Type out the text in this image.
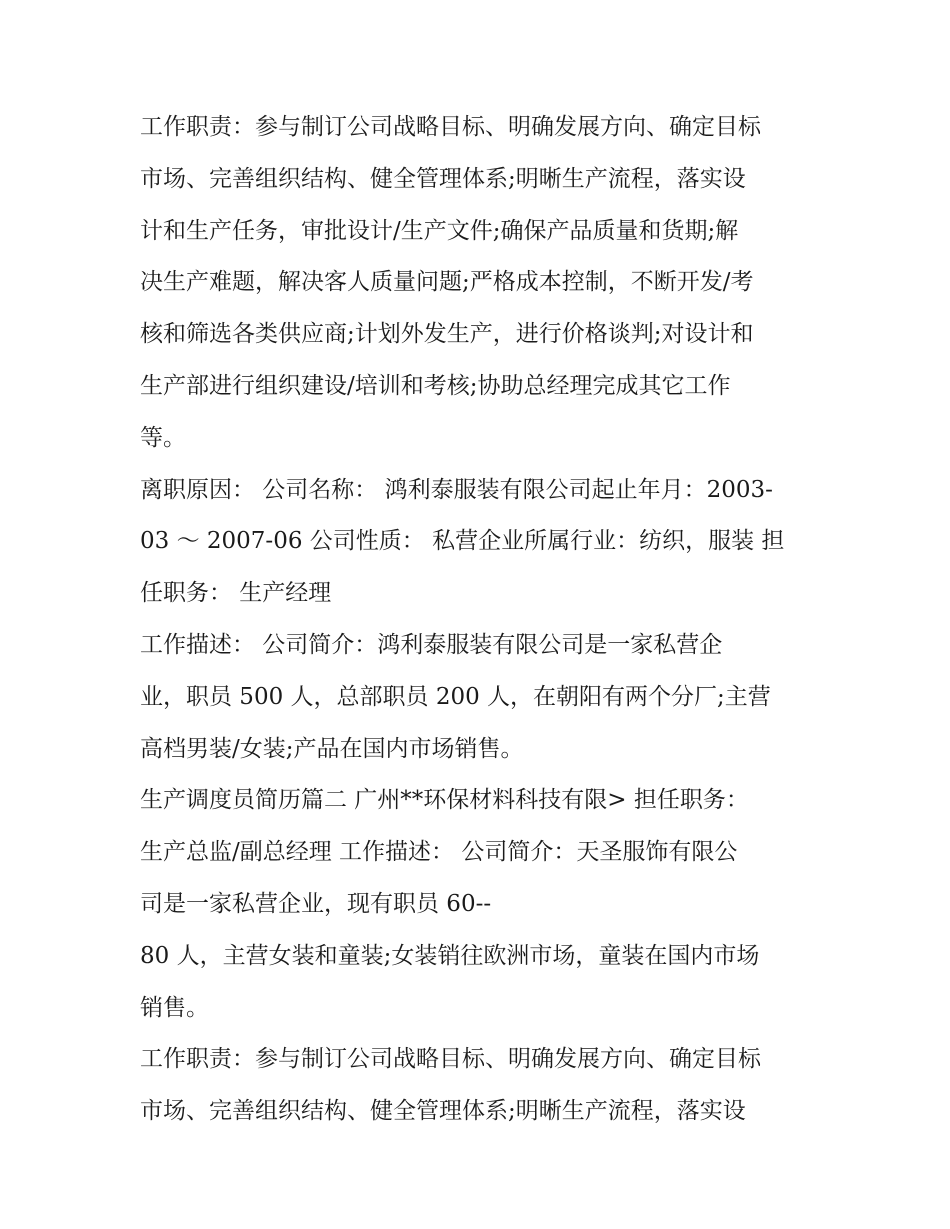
工作职责：参与制订公司战略目标、明确发展方向、确定目标
市场、完善组织结构、健全管理体系;明晰生产流程，落实设
计和生产任务，审批设计/生产文件;确保产品质量和货期;解
决生产难题，解决客人质量问题;严格成本控制，不断开发/考
核和筛选各类供应商;计划外发生产，进行价格谈判;对设计和
生产部进行组织建设/培训和考核;协助总经理完成其它工作
等。
离职原因： 公司名称： 鸿利泰服装有限公司起止年月：2003-
03 ～ 2007-06 公司性质： 私营企业所属行业：纺织，服装 担
任职务： 生产经理
工作描述： 公司简介：鸿利泰服装有限公司是一家私营企
业，职员 500 人，总部职员 200 人，在朝阳有两个分厂;主营
高档男装/女装;产品在国内市场销售。
生产调度员简历篇二 广州**环保材料科技有限> 担任职务：
生产总监/副总经理 工作描述： 公司简介：天圣服饰有限公
司是一家私营企业，现有职员 60--
80 人，主营女装和童装;女装销往欧洲市场，童装在国内市场
销售。
工作职责：参与制订公司战略目标、明确发展方向、确定目标
市场、完善组织结构、健全管理体系;明晰生产流程，落实设
